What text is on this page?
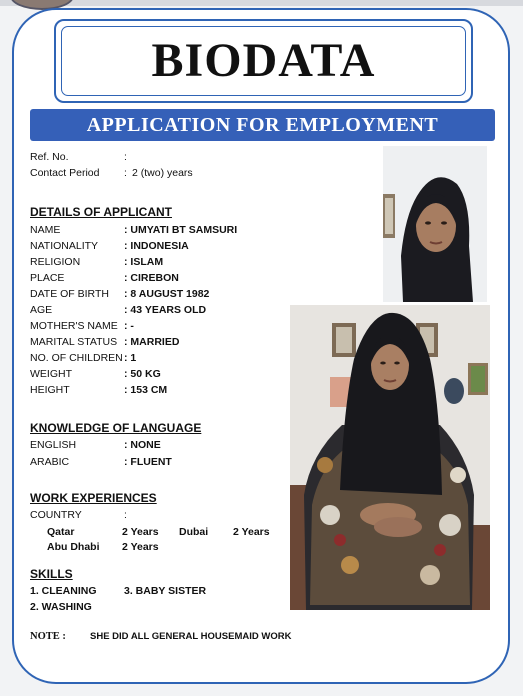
BIODATA
APPLICATION FOR EMPLOYMENT
Ref. No.	:
Contact Period : 2 (two) years
DETAILS OF APPLICANT
NAME	: UMYATI BT SAMSURI
NATIONALITY : INDONESIA
RELIGION	: ISLAM
PLACE	: CIREBON
DATE OF BIRTH : 8 AUGUST 1982
AGE	: 43 YEARS OLD
MOTHER'S NAME : -
MARITAL STATUS : MARRIED
NO. OF CHILDREN : 1
WEIGHT	: 50 KG
HEIGHT	: 153 CM
KNOWLEDGE OF LANGUAGE
ENGLISH	: NONE
ARABIC	: FLUENT
WORK EXPERIENCES
COUNTRY	:
Qatar	2 Years Dubai 2 Years
Abu Dhabi 2 Years
SKILLS
1. CLEANING	3. BABY SISTER
2. WASHING
NOTE :	SHE DID ALL GENERAL HOUSEMAID WORK
